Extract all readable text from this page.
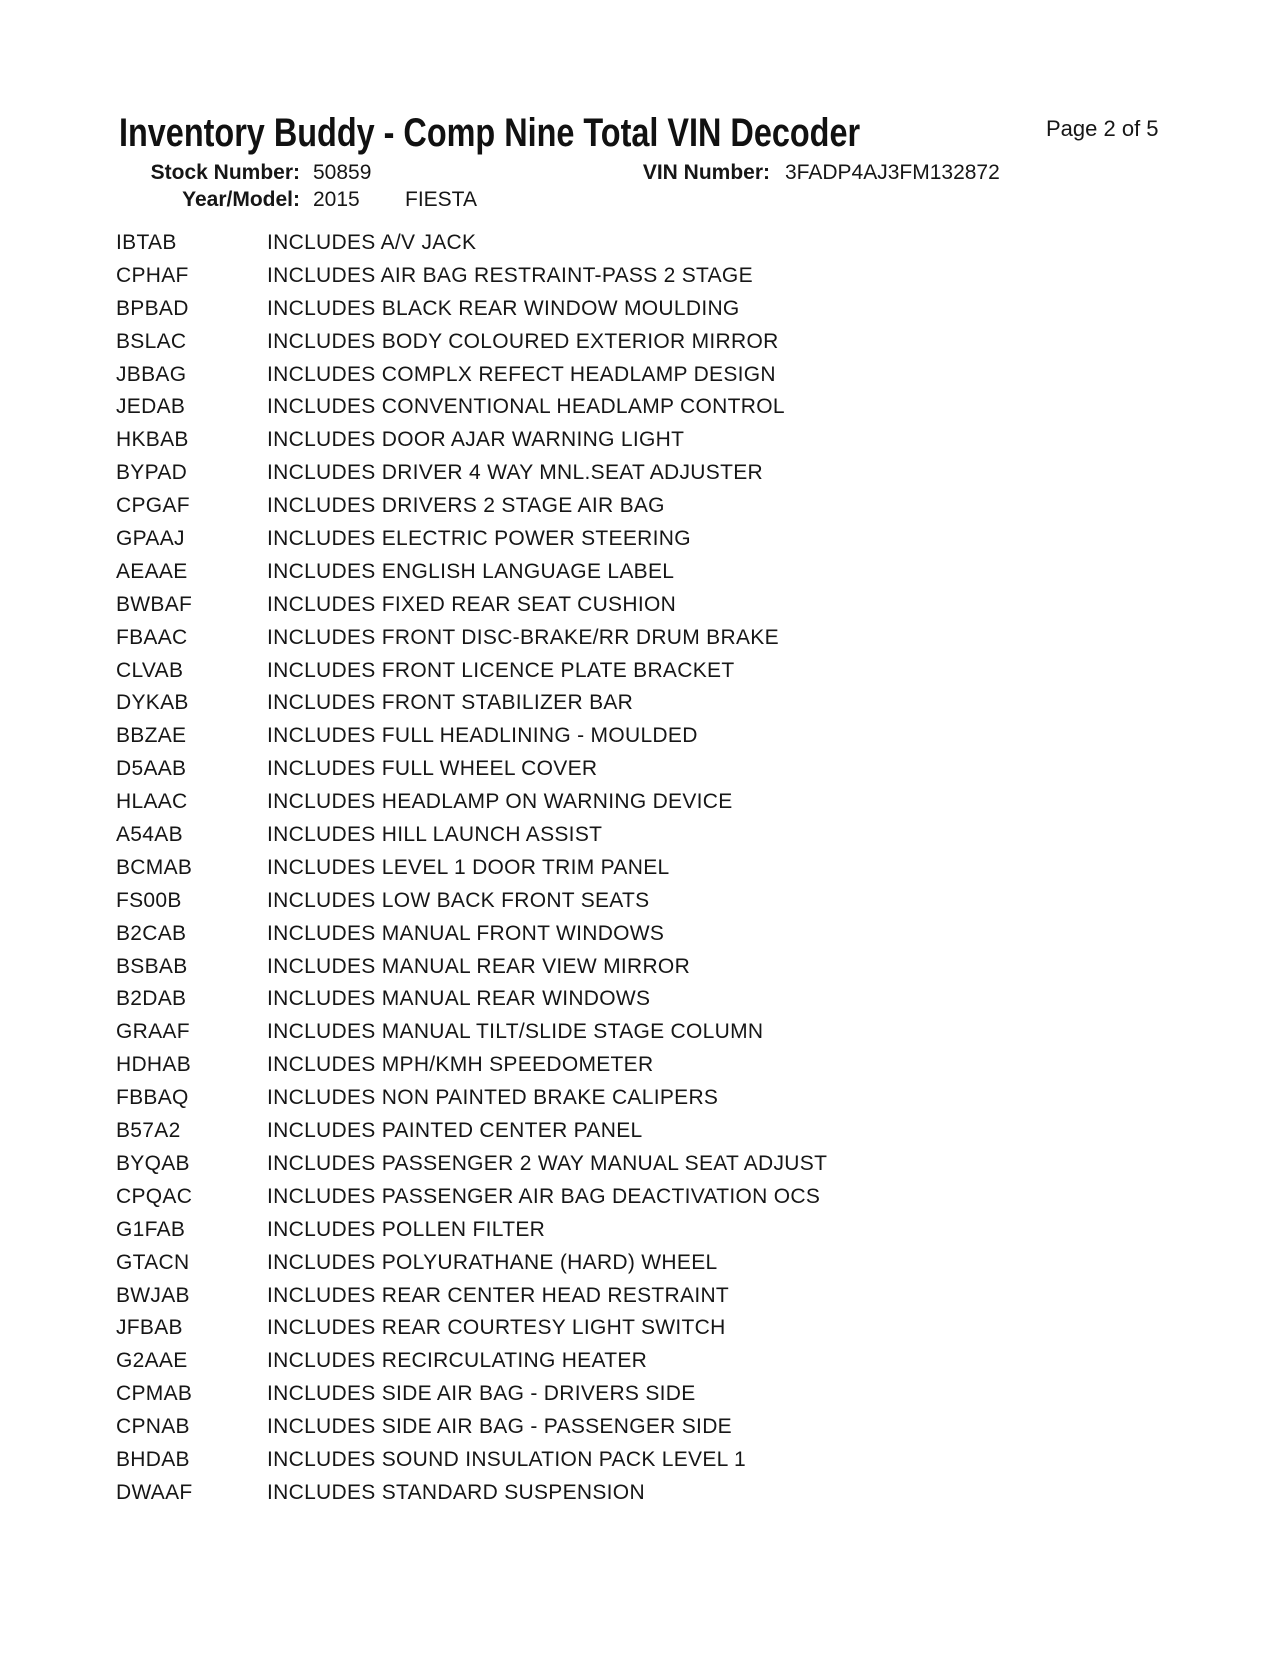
Inventory Buddy - Comp Nine Total VIN Decoder	Page 2 of 5
Stock Number: 50859	VIN Number: 3FADP4AJ3FM132872
Year/Model: 2015 FIESTA
IBTAB	INCLUDES A/V JACK
CPHAF	INCLUDES AIR BAG RESTRAINT-PASS 2 STAGE
BPBAD	INCLUDES BLACK REAR WINDOW MOULDING
BSLAC	INCLUDES BODY COLOURED EXTERIOR MIRROR
JBBAG	INCLUDES COMPLX REFECT HEADLAMP DESIGN
JEDAB	INCLUDES CONVENTIONAL HEADLAMP CONTROL
HKBAB	INCLUDES DOOR AJAR WARNING LIGHT
BYPAD	INCLUDES DRIVER 4 WAY MNL.SEAT ADJUSTER
CPGAF	INCLUDES DRIVERS 2 STAGE AIR BAG
GPAAJ	INCLUDES ELECTRIC POWER STEERING
AEAAE	INCLUDES ENGLISH LANGUAGE LABEL
BWBAF	INCLUDES FIXED REAR SEAT CUSHION
FBAAC	INCLUDES FRONT DISC-BRAKE/RR DRUM BRAKE
CLVAB	INCLUDES FRONT LICENCE PLATE BRACKET
DYKAB	INCLUDES FRONT STABILIZER BAR
BBZAE	INCLUDES FULL HEADLINING - MOULDED
D5AAB	INCLUDES FULL WHEEL COVER
HLAAC	INCLUDES HEADLAMP ON WARNING DEVICE
A54AB	INCLUDES HILL LAUNCH ASSIST
BCMAB	INCLUDES LEVEL 1 DOOR TRIM PANEL
FS00B	INCLUDES LOW BACK FRONT SEATS
B2CAB	INCLUDES MANUAL FRONT WINDOWS
BSBAB	INCLUDES MANUAL REAR VIEW MIRROR
B2DAB	INCLUDES MANUAL REAR WINDOWS
GRAAF	INCLUDES MANUAL TILT/SLIDE STAGE COLUMN
HDHAB	INCLUDES MPH/KMH SPEEDOMETER
FBBAQ	INCLUDES NON PAINTED BRAKE CALIPERS
B57A2	INCLUDES PAINTED CENTER PANEL
BYQAB	INCLUDES PASSENGER 2 WAY MANUAL SEAT ADJUST
CPQAC	INCLUDES PASSENGER AIR BAG DEACTIVATION OCS
G1FAB	INCLUDES POLLEN FILTER
GTACN	INCLUDES POLYURATHANE (HARD) WHEEL
BWJAB	INCLUDES REAR CENTER HEAD RESTRAINT
JFBAB	INCLUDES REAR COURTESY LIGHT SWITCH
G2AAE	INCLUDES RECIRCULATING HEATER
CPMAB	INCLUDES SIDE AIR BAG - DRIVERS SIDE
CPNAB	INCLUDES SIDE AIR BAG - PASSENGER SIDE
BHDAB	INCLUDES SOUND INSULATION PACK LEVEL 1
DWAAF	INCLUDES STANDARD SUSPENSION
